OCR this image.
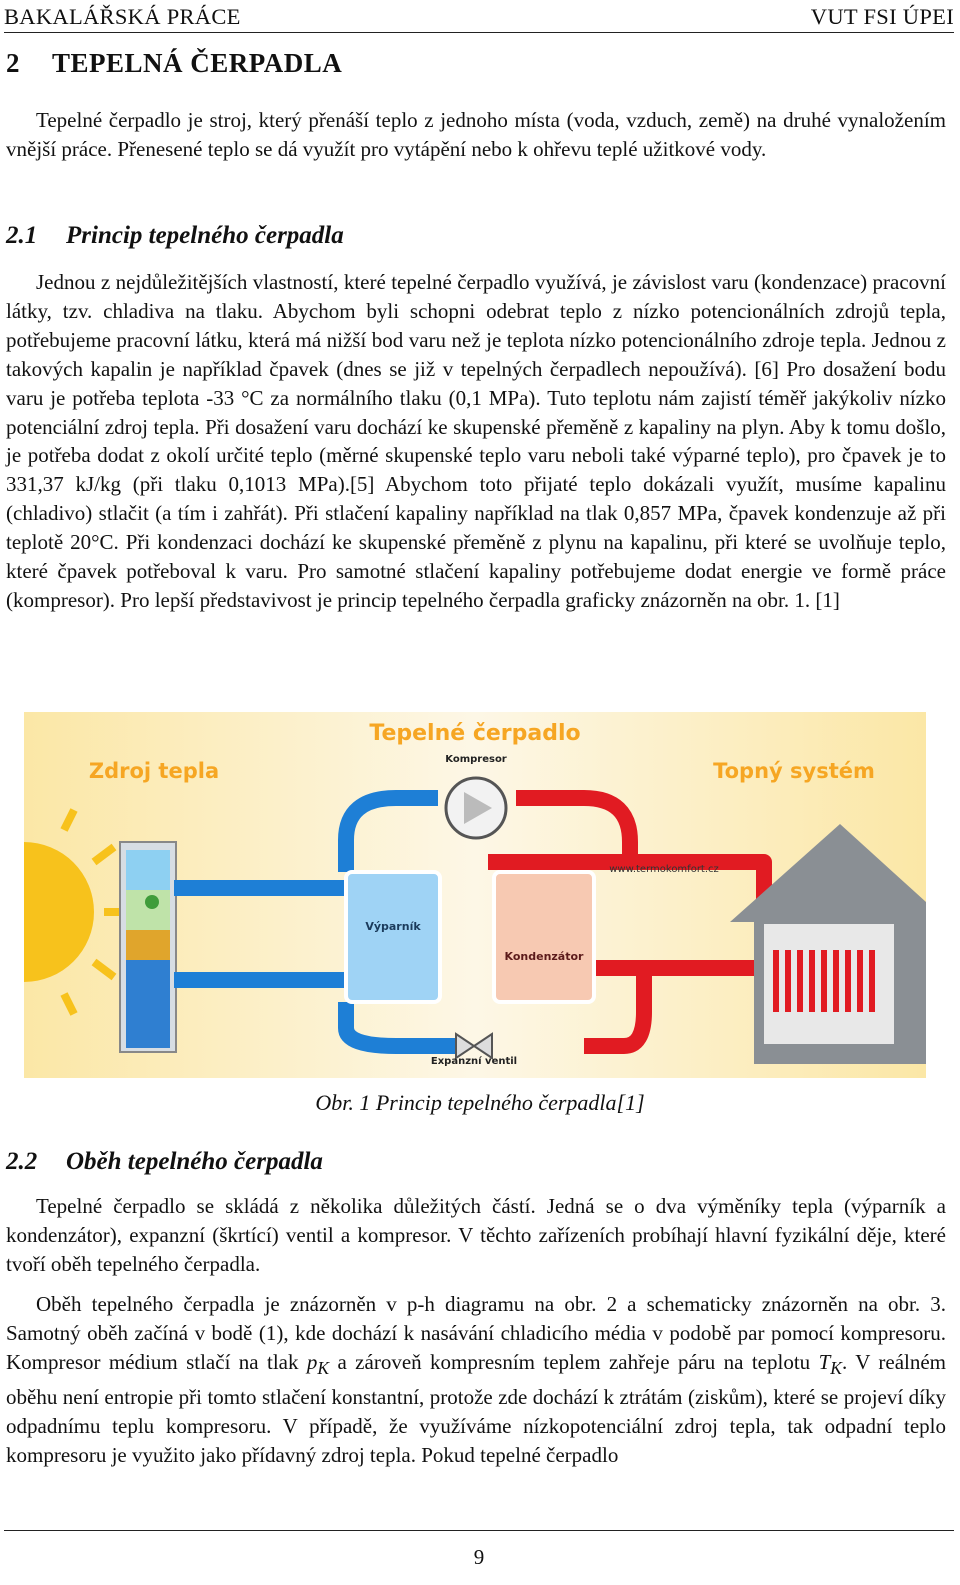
BAKALÁŘSKÁ PRÁCE	VUT FSI ÚPEI
2 TEPELNÁ ČERPADLA

Tepelné čerpadlo je stroj, který přenáší teplo z jednoho místa (voda, vzduch, země) na druhé vynaložením vnější práce. Přenesené teplo se dá využít pro vytápění nebo k ohřevu teplé užitkové vody.

2.1 Princip tepelného čerpadla

Jednou z nejdůležitějších vlastností, které tepelné čerpadlo využívá, je závislost varu (kondenzace) pracovní látky, tzv. chladiva na tlaku. Abychom byli schopni odebrat teplo z nízko potencionálních zdrojů tepla, potřebujeme pracovní látku, která má nižší bod varu než je teplota nízko potencionálního zdroje tepla. Jednou z takových kapalin je například čpavek (dnes se již v tepelných čerpadlech nepoužívá). [6] Pro dosažení bodu varu je potřeba teplota -33 °C za normálního tlaku (0,1 MPa). Tuto teplotu nám zajistí téměř jakýkoliv nízko potenciální zdroj tepla. Při dosažení varu dochází ke skupenské přeměně z kapaliny na plyn. Aby k tomu došlo, je potřeba dodat z okolí určité teplo (měrné skupenské teplo varu neboli také výparné teplo), pro čpavek je to 331,37 kJ/kg (při tlaku 0,1013 MPa).[5] Abychom toto přijaté teplo dokázali využít, musíme kapalinu (chladivo) stlačit (a tím i zahřát). Při stlačení kapaliny například na tlak 0,857 MPa, čpavek kondenzuje až při teplotě 20°C. Při kondenzaci dochází ke skupenské přeměně z plynu na kapalinu, při které se uvolňuje teplo, které čpavek potřeboval k varu. Pro samotné stlačení kapaliny potřebujeme dodat energie ve formě práce (kompresor). Pro lepší představivost je princip tepelného čerpadla graficky znázorněn na obr. 1. [1]

Výparník
Kondenzátor
Kompresor
Expanzní ventil
Tepelné čerpadlo
Zdroj tepla	Topný systém
www.termokomfort.cz
Obr. 1 Princip tepelného čerpadla[1]
2.2 Oběh tepelného čerpadla

Tepelné čerpadlo se skládá z několika důležitých částí. Jedná se o dva výměníky tepla (výparník a kondenzátor), expanzní (škrtící) ventil a kompresor. V těchto zařízeních probíhají hlavní fyzikální děje, které tvoří oběh tepelného čerpadla.

Oběh tepelného čerpadla je znázorněn v p-h diagramu na obr. 2 a schematicky znázorněn na obr. 3. Samotný oběh začíná v bodě (1), kde dochází k nasávání chladicího média v podobě par pomocí kompresoru. Kompresor médium stlačí na tlak $p_K$ a zároveň kompresním teplem zahřeje páru na teplotu $T_K$. V reálném oběhu není entropie při tomto stlačení konstantní, protože zde dochází k ztrátám (ziskům), které se projeví díky odpadnímu teplu kompresoru. V případě, že využíváme nízkopotenciální zdroj tepla, tak odpadní teplo kompresoru je využito jako přídavný zdroj tepla. Pokud tepelné čerpadlo

9
